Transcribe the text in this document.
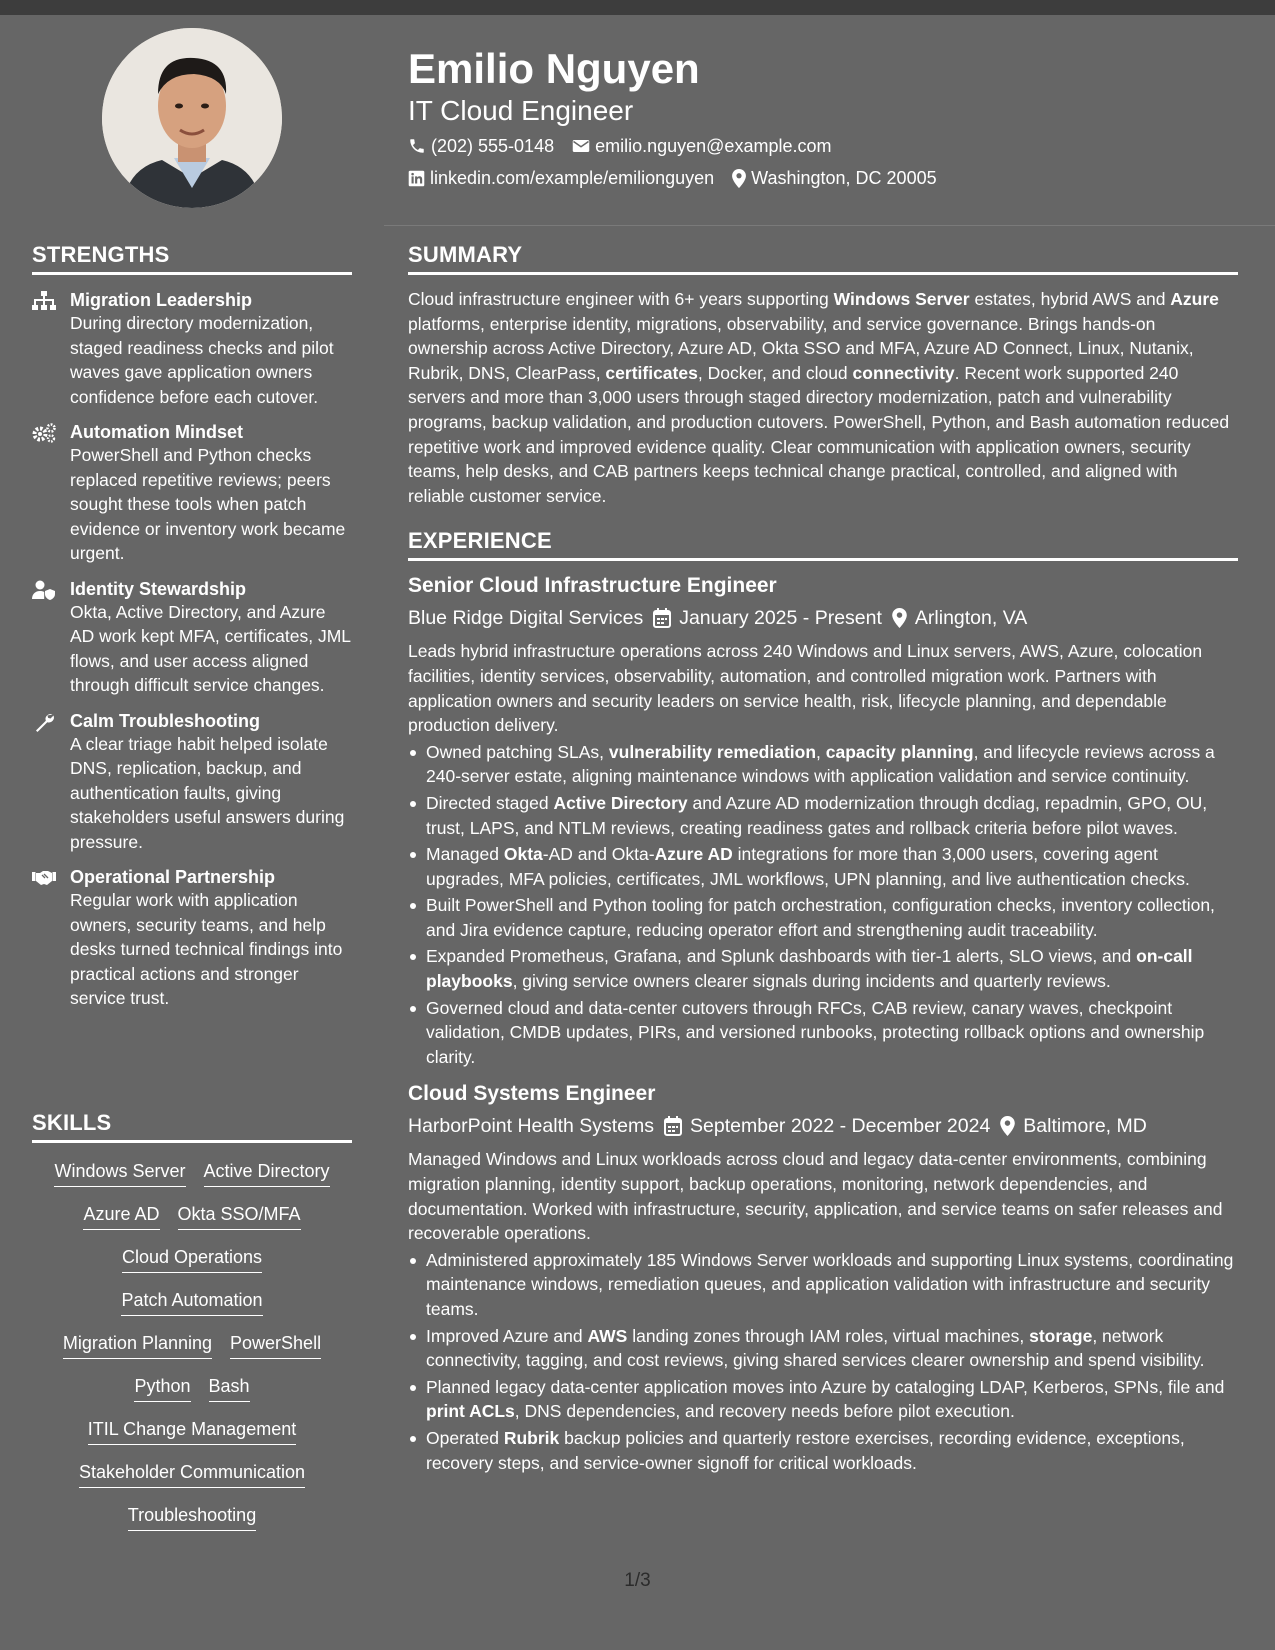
Emilio Nguyen

IT Cloud Engineer

(202) 555-0148 emilio.nguyen@example.com
linkedin.com/example/emilionguyen Washington, DC 20005
STRENGTHS
Migration Leadership
During directory modernization, staged readiness checks and pilot waves gave application owners confidence before each cutover.
Automation Mindset
PowerShell and Python checks replaced repetitive reviews; peers sought these tools when patch evidence or inventory work became urgent.
Identity Stewardship
Okta, Active Directory, and Azure AD work kept MFA, certificates, JML flows, and user access aligned through difficult service changes.
Calm Troubleshooting
A clear triage habit helped isolate DNS, replication, backup, and authentication faults, giving stakeholders useful answers during pressure.
Operational Partnership
Regular work with application owners, security teams, and help desks turned technical findings into practical actions and stronger service trust.
SKILLS
Windows Server Active Directory
Azure AD Okta SSO/MFA
Cloud Operations
Patch Automation
Migration Planning PowerShell
Python Bash
ITIL Change Management
Stakeholder Communication
Troubleshooting
SUMMARY

Cloud infrastructure engineer with 6+ years supporting Windows Server estates, hybrid AWS and Azure platforms, enterprise identity, migrations, observability, and service governance. Brings hands-on ownership across Active Directory, Azure AD, Okta SSO and MFA, Azure AD Connect, Linux, Nutanix, Rubrik, DNS, ClearPass, certificates, Docker, and cloud connectivity. Recent work supported 240 servers and more than 3,000 users through staged directory modernization, patch and vulnerability programs, backup validation, and production cutovers. PowerShell, Python, and Bash automation reduced repetitive work and improved evidence quality. Clear communication with application owners, security teams, help desks, and CAB partners keeps technical change practical, controlled, and aligned with reliable customer service.

EXPERIENCE
Senior Cloud Infrastructure Engineer
Blue Ridge Digital Services January 2025 - Present Arlington, VA

Leads hybrid infrastructure operations across 240 Windows and Linux servers, AWS, Azure, colocation facilities, identity services, observability, automation, and controlled migration work. Partners with application owners and security leaders on service health, risk, lifecycle planning, and dependable production delivery.

Owned patching SLAs, vulnerability remediation, capacity planning, and lifecycle reviews across a 240-server estate, aligning maintenance windows with application validation and service continuity.
Directed staged Active Directory and Azure AD modernization through dcdiag, repadmin, GPO, OU, trust, LAPS, and NTLM reviews, creating readiness gates and rollback criteria before pilot waves.
Managed Okta-AD and Okta-Azure AD integrations for more than 3,000 users, covering agent upgrades, MFA policies, certificates, JML workflows, UPN planning, and live authentication checks.
Built PowerShell and Python tooling for patch orchestration, configuration checks, inventory collection, and Jira evidence capture, reducing operator effort and strengthening audit traceability.
Expanded Prometheus, Grafana, and Splunk dashboards with tier-1 alerts, SLO views, and on-call playbooks, giving service owners clearer signals during incidents and quarterly reviews.
Governed cloud and data-center cutovers through RFCs, CAB review, canary waves, checkpoint validation, CMDB updates, PIRs, and versioned runbooks, protecting rollback options and ownership clarity.
Cloud Systems Engineer
HarborPoint Health Systems September 2022 - December 2024 Baltimore, MD

Managed Windows and Linux workloads across cloud and legacy data-center environments, combining migration planning, identity support, backup operations, monitoring, network dependencies, and documentation. Worked with infrastructure, security, application, and service teams on safer releases and recoverable operations.

Administered approximately 185 Windows Server workloads and supporting Linux systems, coordinating maintenance windows, remediation queues, and application validation with infrastructure and security teams.
Improved Azure and AWS landing zones through IAM roles, virtual machines, storage, network connectivity, tagging, and cost reviews, giving shared services clearer ownership and spend visibility.
Planned legacy data-center application moves into Azure by cataloging LDAP, Kerberos, SPNs, file and print ACLs, DNS dependencies, and recovery needs before pilot execution.
Operated Rubrik backup policies and quarterly restore exercises, recording evidence, exceptions, recovery steps, and service-owner signoff for critical workloads.
1/3
